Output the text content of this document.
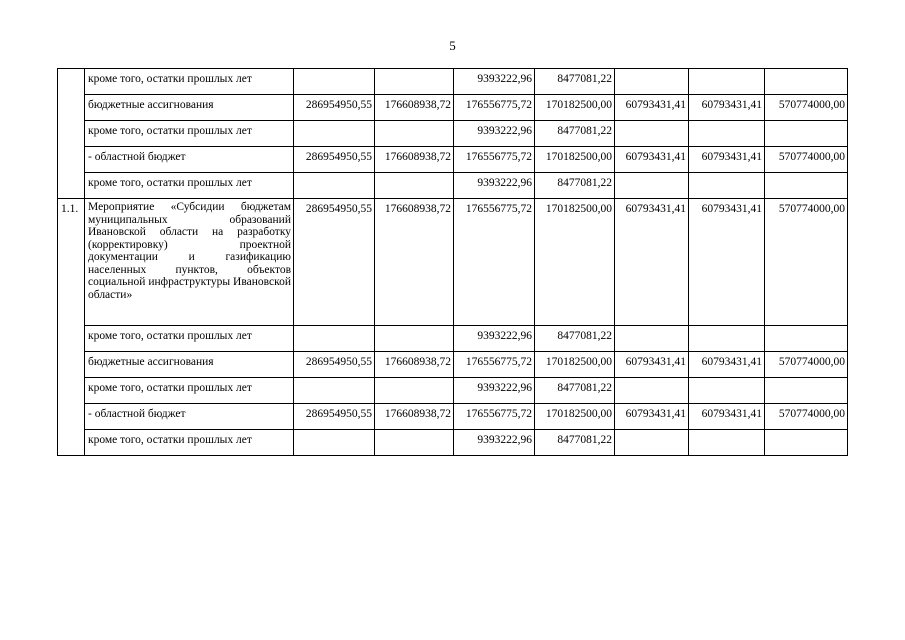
5
	кроме того, остатки прошлых лет			9393222,96	8477081,22			
	бюджетные ассигнования	286954950,55	176608938,72	176556775,72	170182500,00	60793431,41	60793431,41	570774000,00
	кроме того, остатки прошлых лет			9393222,96	8477081,22			
	- областной бюджет	286954950,55	176608938,72	176556775,72	170182500,00	60793431,41	60793431,41	570774000,00
	кроме того, остатки прошлых лет			9393222,96	8477081,22			
1.1.	Мероприятие «Субсидии бюджетам муниципальных образований Ивановской области на разработку (корректировку) проектной документации и газификацию населенных пунктов, объектов социальной инфраструктуры Ивановской области»	286954950,55	176608938,72	176556775,72	170182500,00	60793431,41	60793431,41	570774000,00
	кроме того, остатки прошлых лет			9393222,96	8477081,22			
	бюджетные ассигнования	286954950,55	176608938,72	176556775,72	170182500,00	60793431,41	60793431,41	570774000,00
	кроме того, остатки прошлых лет			9393222,96	8477081,22			
	- областной бюджет	286954950,55	176608938,72	176556775,72	170182500,00	60793431,41	60793431,41	570774000,00
	кроме того, остатки прошлых лет			9393222,96	8477081,22			
